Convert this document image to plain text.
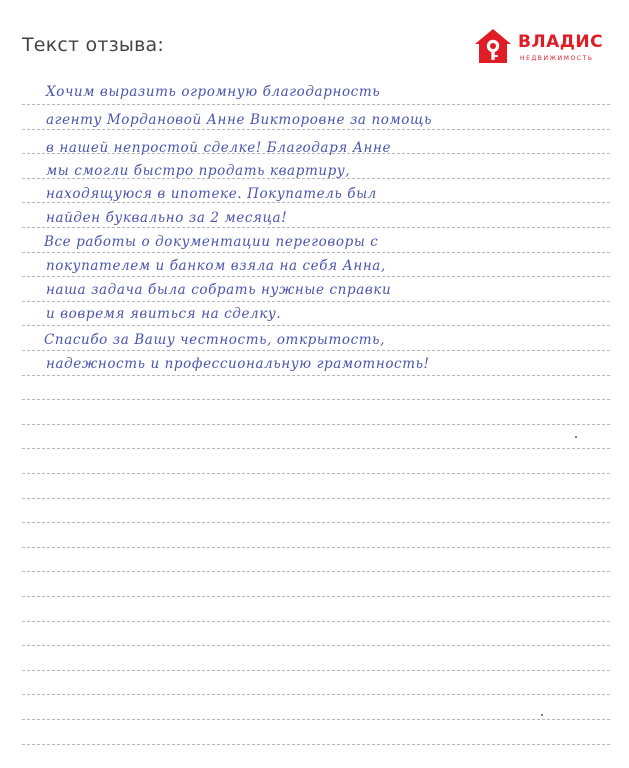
Текст отзыва:	ВЛАДИС
НЕДВИЖИМОСТЬ
Хочим выразить огромную благодарность
агенту Мордановой Анне Викторовне за помощь
в нашей непростой сделке! Благодаря Анне
мы смогли быстро продать квартиру,
находящуюся в ипотеке. Покупатель был
найден буквально за 2 месяца!
Все работы о документации переговоры с
покупателем и банком взяла на себя Анна,
наша задача была собрать нужные справки
и вовремя явиться на сделку.
Спасибо за Вашу честность, открытость,
надежность и профессиональную грамотность!
